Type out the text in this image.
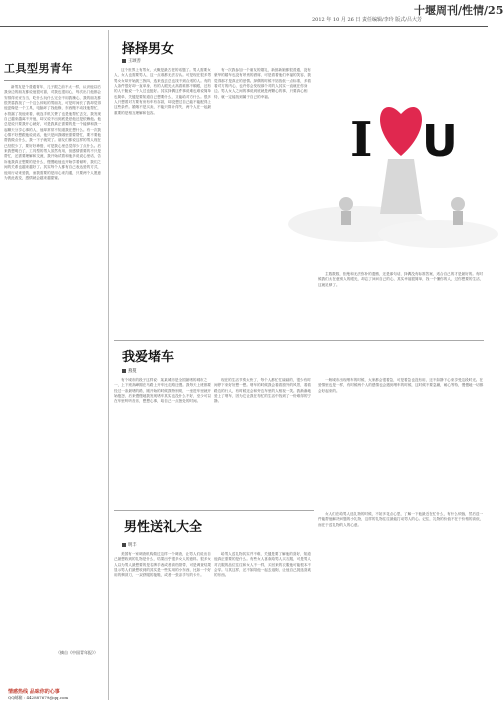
十堰周刊/性情/25
2012 年 10 月 26 日 责任编辑/李玲 版式/吕大芳
工具型男青年
新男友是个普通青年，儿子跟之前不太一样，认识他以后我身边的朋友都说他很可靠，对我也很用心，每次出门他都会安排得妥妥当当，吃什么玩什么完全不用我操心，我的朋友都很羡慕我找了一个这么体贴的男朋友，可是时间长了我却觉得他更像是一个工具，电脑坏了找他修，东西搬不动找他帮忙，水管漏了找他来看，就连手机欠费了也是他帮忙去交，我发现自己越来越离不开他，却又说不出到底是爱他还是依赖他。他总是说只要我开心就好，可是我真正需要的是一个能够和我一起聊天分享心事的人，他却常常不知道我在想什么。有一次我心情不好想跟他说说话，他只是问我哪里需要帮忙，要不要他帮我做点什么，我一下子就哭了。朋友们都说这样的男人现在已经很少了，要好好珍惜，可是我心里总觉得少了点什么。后来我想明白了，工具型的男人虽然有用，但感情需要的不只是帮忙，还需要理解和交流，我开始试着和他多说说心里话，告诉他我真正想要的是什么，慢慢地他也开始学着倾听，我们之间的关系也越来越好了。其实每个人都有自己表达爱的方式，他用行动来爱我，而我需要的是用心来沟通，只要两个人愿意为彼此改变，感情就会越来越甜蜜。
（摘自《中国青年报》）
情感热线 品味你的心事
QQ邮箱 : 442887679@qq.com
择择男女
王颂善
这个世界上有男女，大概是最古老的话题了。男人需要女人，女人也需要男人，这一点谁都无法否认。可是现在很多男男女女却开始挑三拣四，选来选去总也找不到合适的人。有的人条件很好却一直单身，有的人眼光太高看谁都不顺眼，还有的人干脆说一个人过也挺好。其实择偶这件事说难也难说简单也简单，关键是要知道自己想要什么，又能给对方什么。很多人只想着对方要有房有车有存款，却没想过自己能不能配得上这些条件。婚姻不是买卖，不能只算计得失，两个人在一起最重要的是相互理解和包容。
有一次我参加一个朋友的婚礼，新郎新娘都很普通，没有豪华的婚车也没有昂贵的酒席，可是看着他们幸福的笑容，我觉得那才是真正的爱情。择偶的时候不妨放低一点标准，多看看对方的内心，也许你会发现那个对的人其实一直就在你身边。男人女人之间的事说到底就是两颗心的事，只要真心相待，就一定能找到属于自己的幸福。
主数数数，拒绝和无法弥补的遗憾，还是那句话，择偶没有标准答案，适合自己的才是最好的。有时候我们太在意别人的眼光，却忘了问问自己的心，其实幸福很简单，找一个懂你的人，过你想要的生活，这就足够了。
I U
我爱堵车
燕蔓
有个城市的段子这样说：某某城市是全国最堵的城市之一，上下班高峰期在马路上开车比走路还慢。我每天上班都要经过一条最堵的路，刚开始的时候我特别烦，一坐进车里就开始抱怨，后来慢慢地我发现堵车其实也没什么不好，至少可以在车里听听音乐，想想心事，给自己一点独处的时间。
现在的生活节奏太快了，每个人都忙忙碌碌的，很少有时间停下来好好想一想。堵车的时候我会看看窗外的风景，看看路边的行人，有时候还会和旁边车里的人相视一笑。我渐渐地爱上了堵车，因为它让我在匆忙的生活中找到了一份难得的宁静。
一般城市出现堵车的时候，大家都会很着急，可是着急也没有用，还不如静下心来享受这段时光。在爱情里也是一样，有时候两个人的感情也会遇到堵车的时候，这时候不要急躁，耐心等待，慢慢地一切都会好起来的。
男性送礼大全
明丰
美国有一家调查机构做过这样一个调查，让男人们说出自己最想收到的礼物是什么，结果出乎很多女人的意料。很多女人以为男人最想要的是名牌手表或者高档领带，可是调查结果显示男人们最想收到的其实是一些实用的小东西，比如一个好用的剃须刀，一双舒服的拖鞋，或者一张亲手写的卡片。
给男人送礼物其实并不难，关键是要了解他的喜好，知道他真正需要的是什么。有些女人喜欢给男人买衣服，可是男人对衣服的品位往往和女人不一样，买回来的衣服他可能根本不会穿。与其这样，还不如陪他一起去逛街，让他自己挑选喜欢的东西。
女人们在给男人选礼物的时候，不妨多花点心思，了解一下他最近在忙什么，有什么烦恼，然后送一件能帮他解决问题的小礼物，这样的礼物往往最能打动男人的心。记住，礼物的价值不在于价格的高低，而在于送礼物的人的心意。
